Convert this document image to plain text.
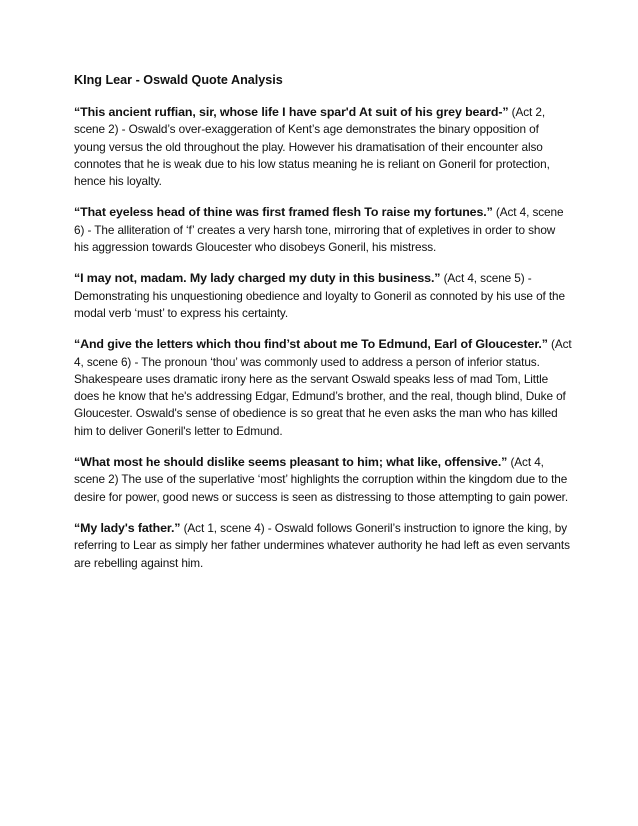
KIng Lear - Oswald Quote Analysis

“This ancient ruffian, sir, whose life I have spar'd At suit of his grey beard-” (Act 2, scene 2) - Oswald’s over-exaggeration of Kent’s age demonstrates the binary opposition of young versus the old throughout the play. However his dramatisation of their encounter also connotes that he is weak due to his low status meaning he is reliant on Goneril for protection, hence his loyalty.

“That eyeless head of thine was first framed flesh To raise my fortunes.” (Act 4, scene 6) - The alliteration of ‘f’ creates a very harsh tone, mirroring that of expletives in order to show his aggression towards Gloucester who disobeys Goneril, his mistress.

“I may not, madam. My lady charged my duty in this business.” (Act 4, scene 5) - Demonstrating his unquestioning obedience and loyalty to Goneril as connoted by his use of the modal verb ‘must’ to express his certainty.

“And give the letters which thou find’st about me To Edmund, Earl of Gloucester.” (Act 4, scene 6) - The pronoun ‘thou’ was commonly used to address a person of inferior status. Shakespeare uses dramatic irony here as the servant Oswald speaks less of mad Tom, Little does he know that he's addressing Edgar, Edmund’s brother, and the real, though blind, Duke of Gloucester. Oswald's sense of obedience is so great that he even asks the man who has killed him to deliver Goneril's letter to Edmund.

“What most he should dislike seems pleasant to him; what like, offensive.” (Act 4, scene 2) The use of the superlative ‘most’ highlights the corruption within the kingdom due to the desire for power, good news or success is seen as distressing to those attempting to gain power.

“My lady's father.” (Act 1, scene 4) - Oswald follows Goneril’s instruction to ignore the king, by referring to Lear as simply her father undermines whatever authority he had left as even servants are rebelling against him.
